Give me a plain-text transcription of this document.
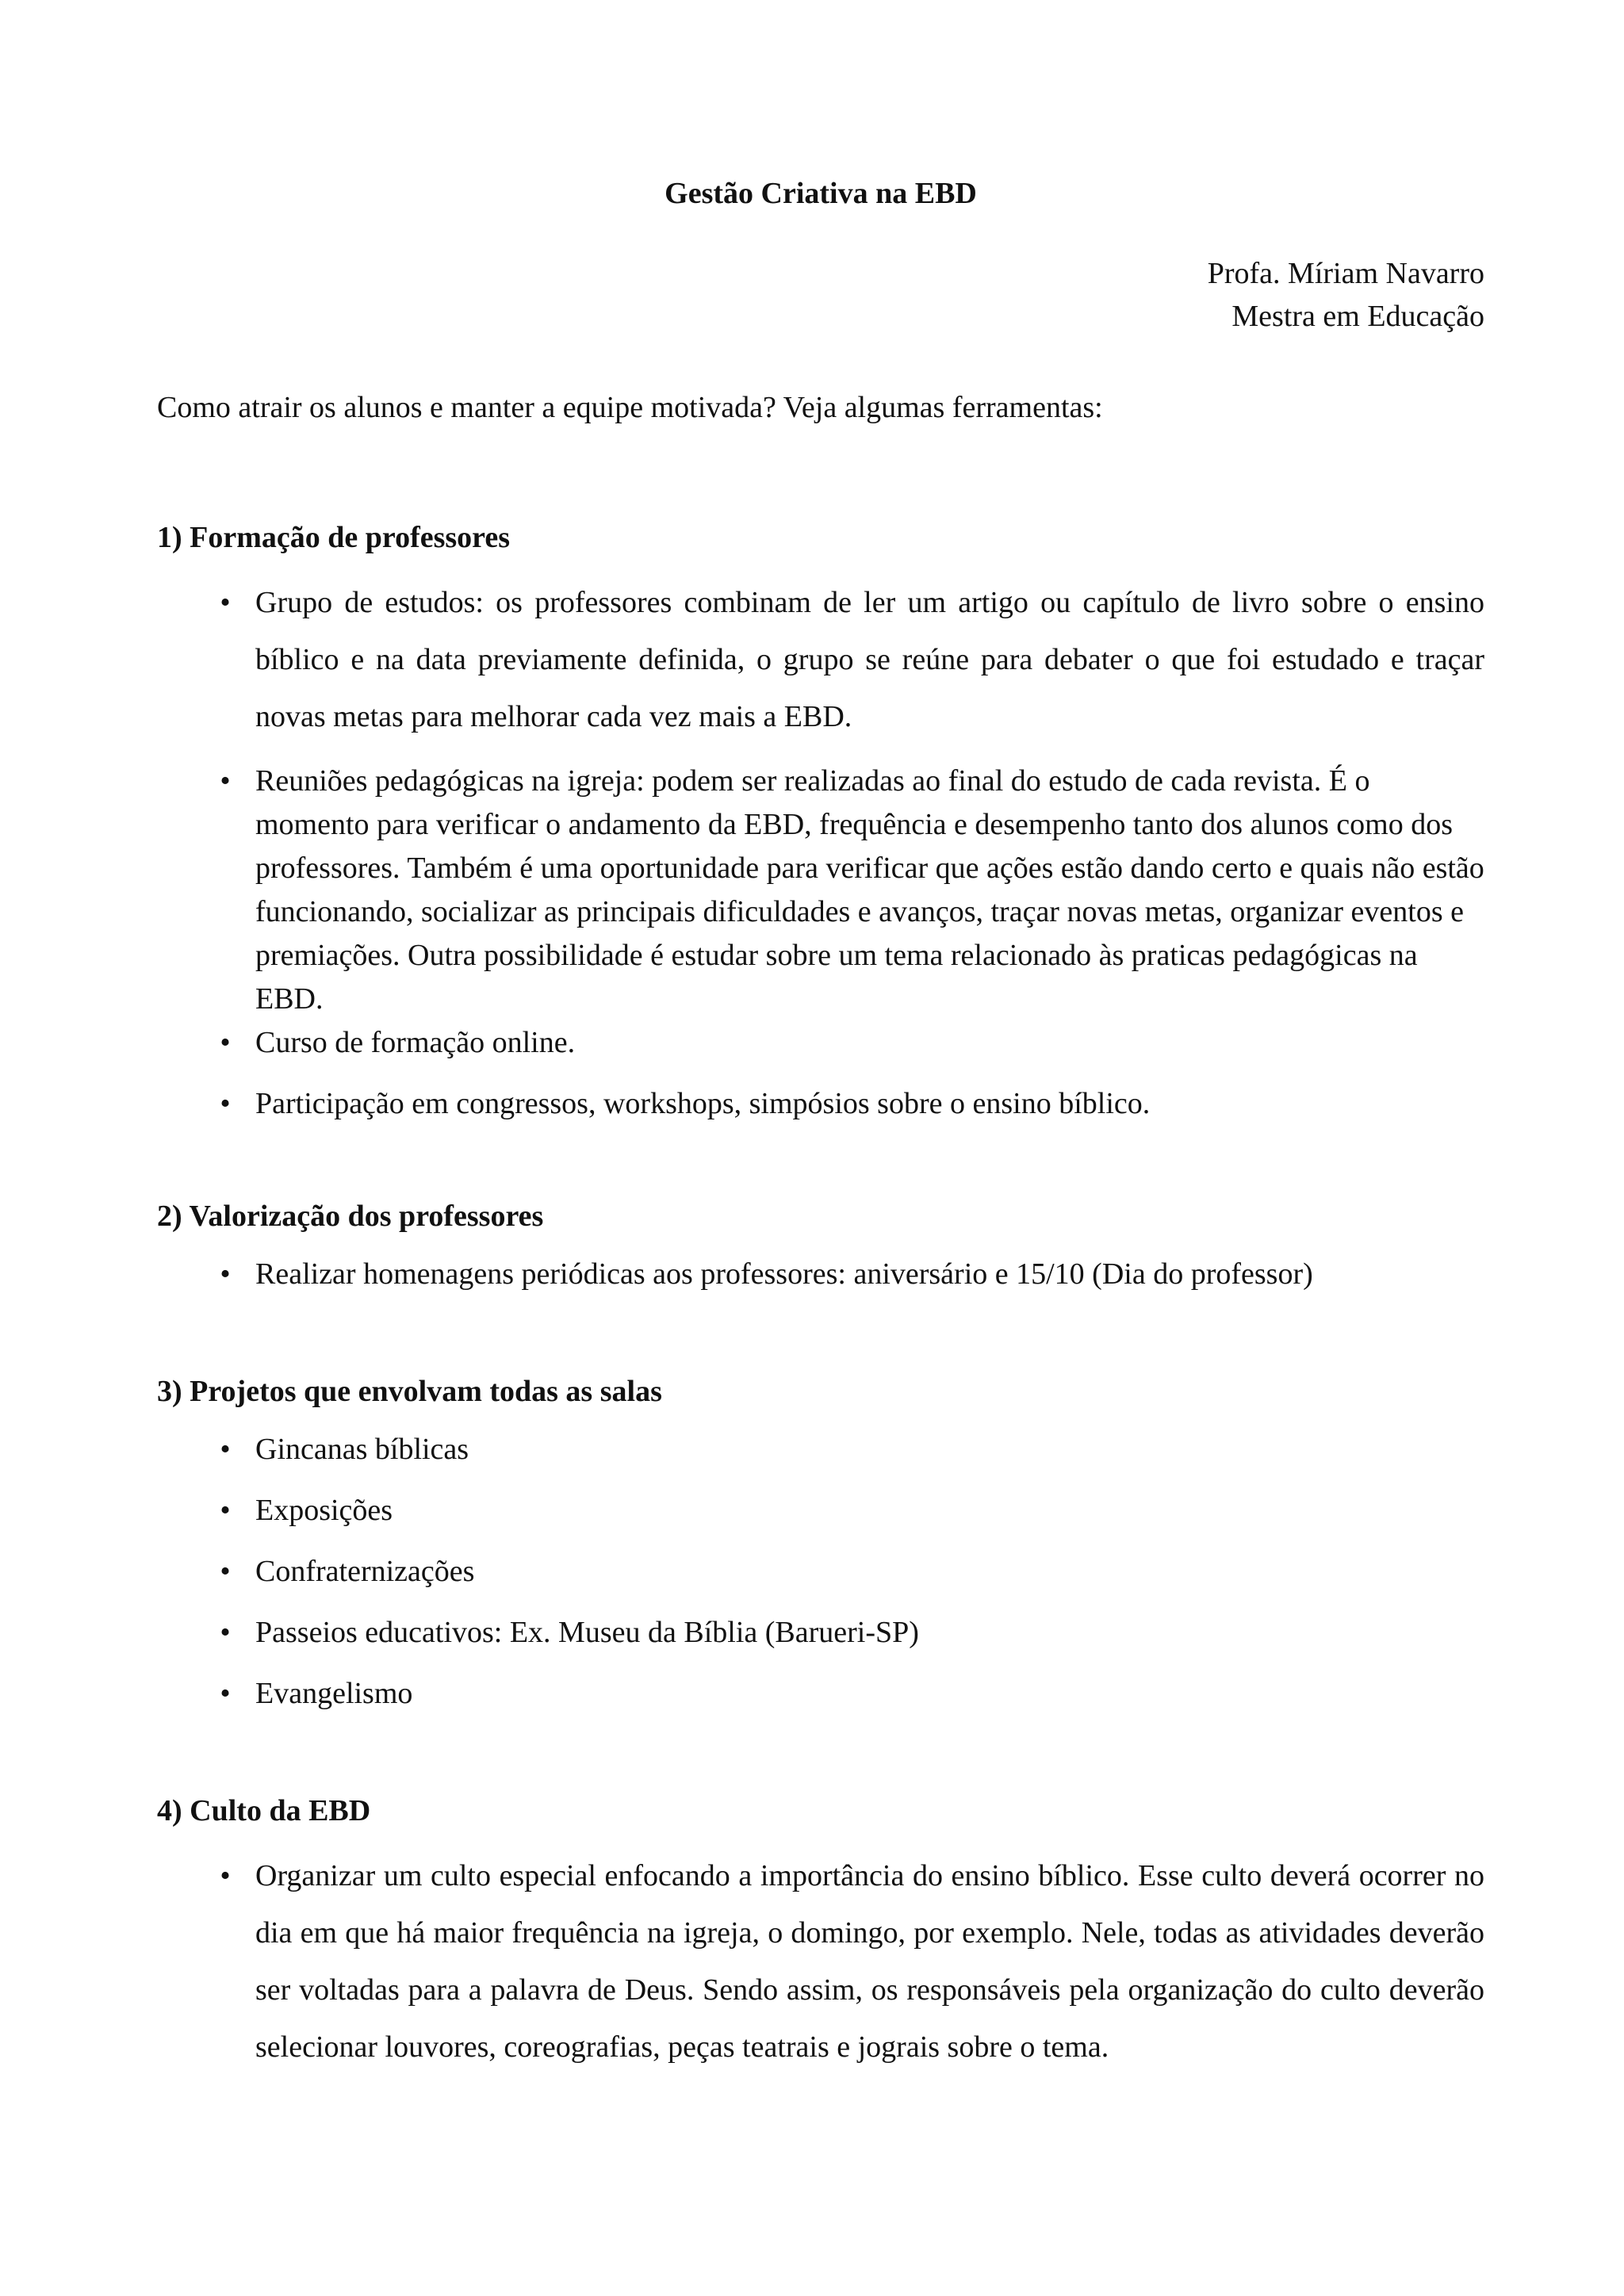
Gestão Criativa na EBD
Profa. Míriam Navarro
Mestra em Educação

Como atrair os alunos e manter a equipe motivada? Veja algumas ferramentas:

1) Formação de professores
• Grupo de estudos: os professores combinam de ler um artigo ou capítulo de livro sobre o ensino bíblico e na data previamente definida, o grupo se reúne para debater o que foi estudado e traçar novas metas para melhorar cada vez mais a EBD.
• Reuniões pedagógicas na igreja: podem ser realizadas ao final do estudo de cada revista. É o momento para verificar o andamento da EBD, frequência e desempenho tanto dos alunos como dos professores. Também é uma oportunidade para verificar que ações estão dando certo e quais não estão funcionando, socializar as principais dificuldades e avanços, traçar novas metas, organizar eventos e premiações. Outra possibilidade é estudar sobre um tema relacionado às praticas pedagógicas na EBD.
• Curso de formação online.
• Participação em congressos, workshops, simpósios sobre o ensino bíblico.
2) Valorização dos professores
• Realizar homenagens periódicas aos professores: aniversário e 15/10 (Dia do professor)
3) Projetos que envolvam todas as salas
• Gincanas bíblicas
• Exposições
• Confraternizações
• Passeios educativos: Ex. Museu da Bíblia (Barueri-SP)
• Evangelismo
4) Culto da EBD
• Organizar um culto especial enfocando a importância do ensino bíblico. Esse culto deverá ocorrer no dia em que há maior frequência na igreja, o domingo, por exemplo. Nele, todas as atividades deverão ser voltadas para a palavra de Deus. Sendo assim, os responsáveis pela organização do culto deverão selecionar louvores, coreografias, peças teatrais e jograis sobre o tema.
